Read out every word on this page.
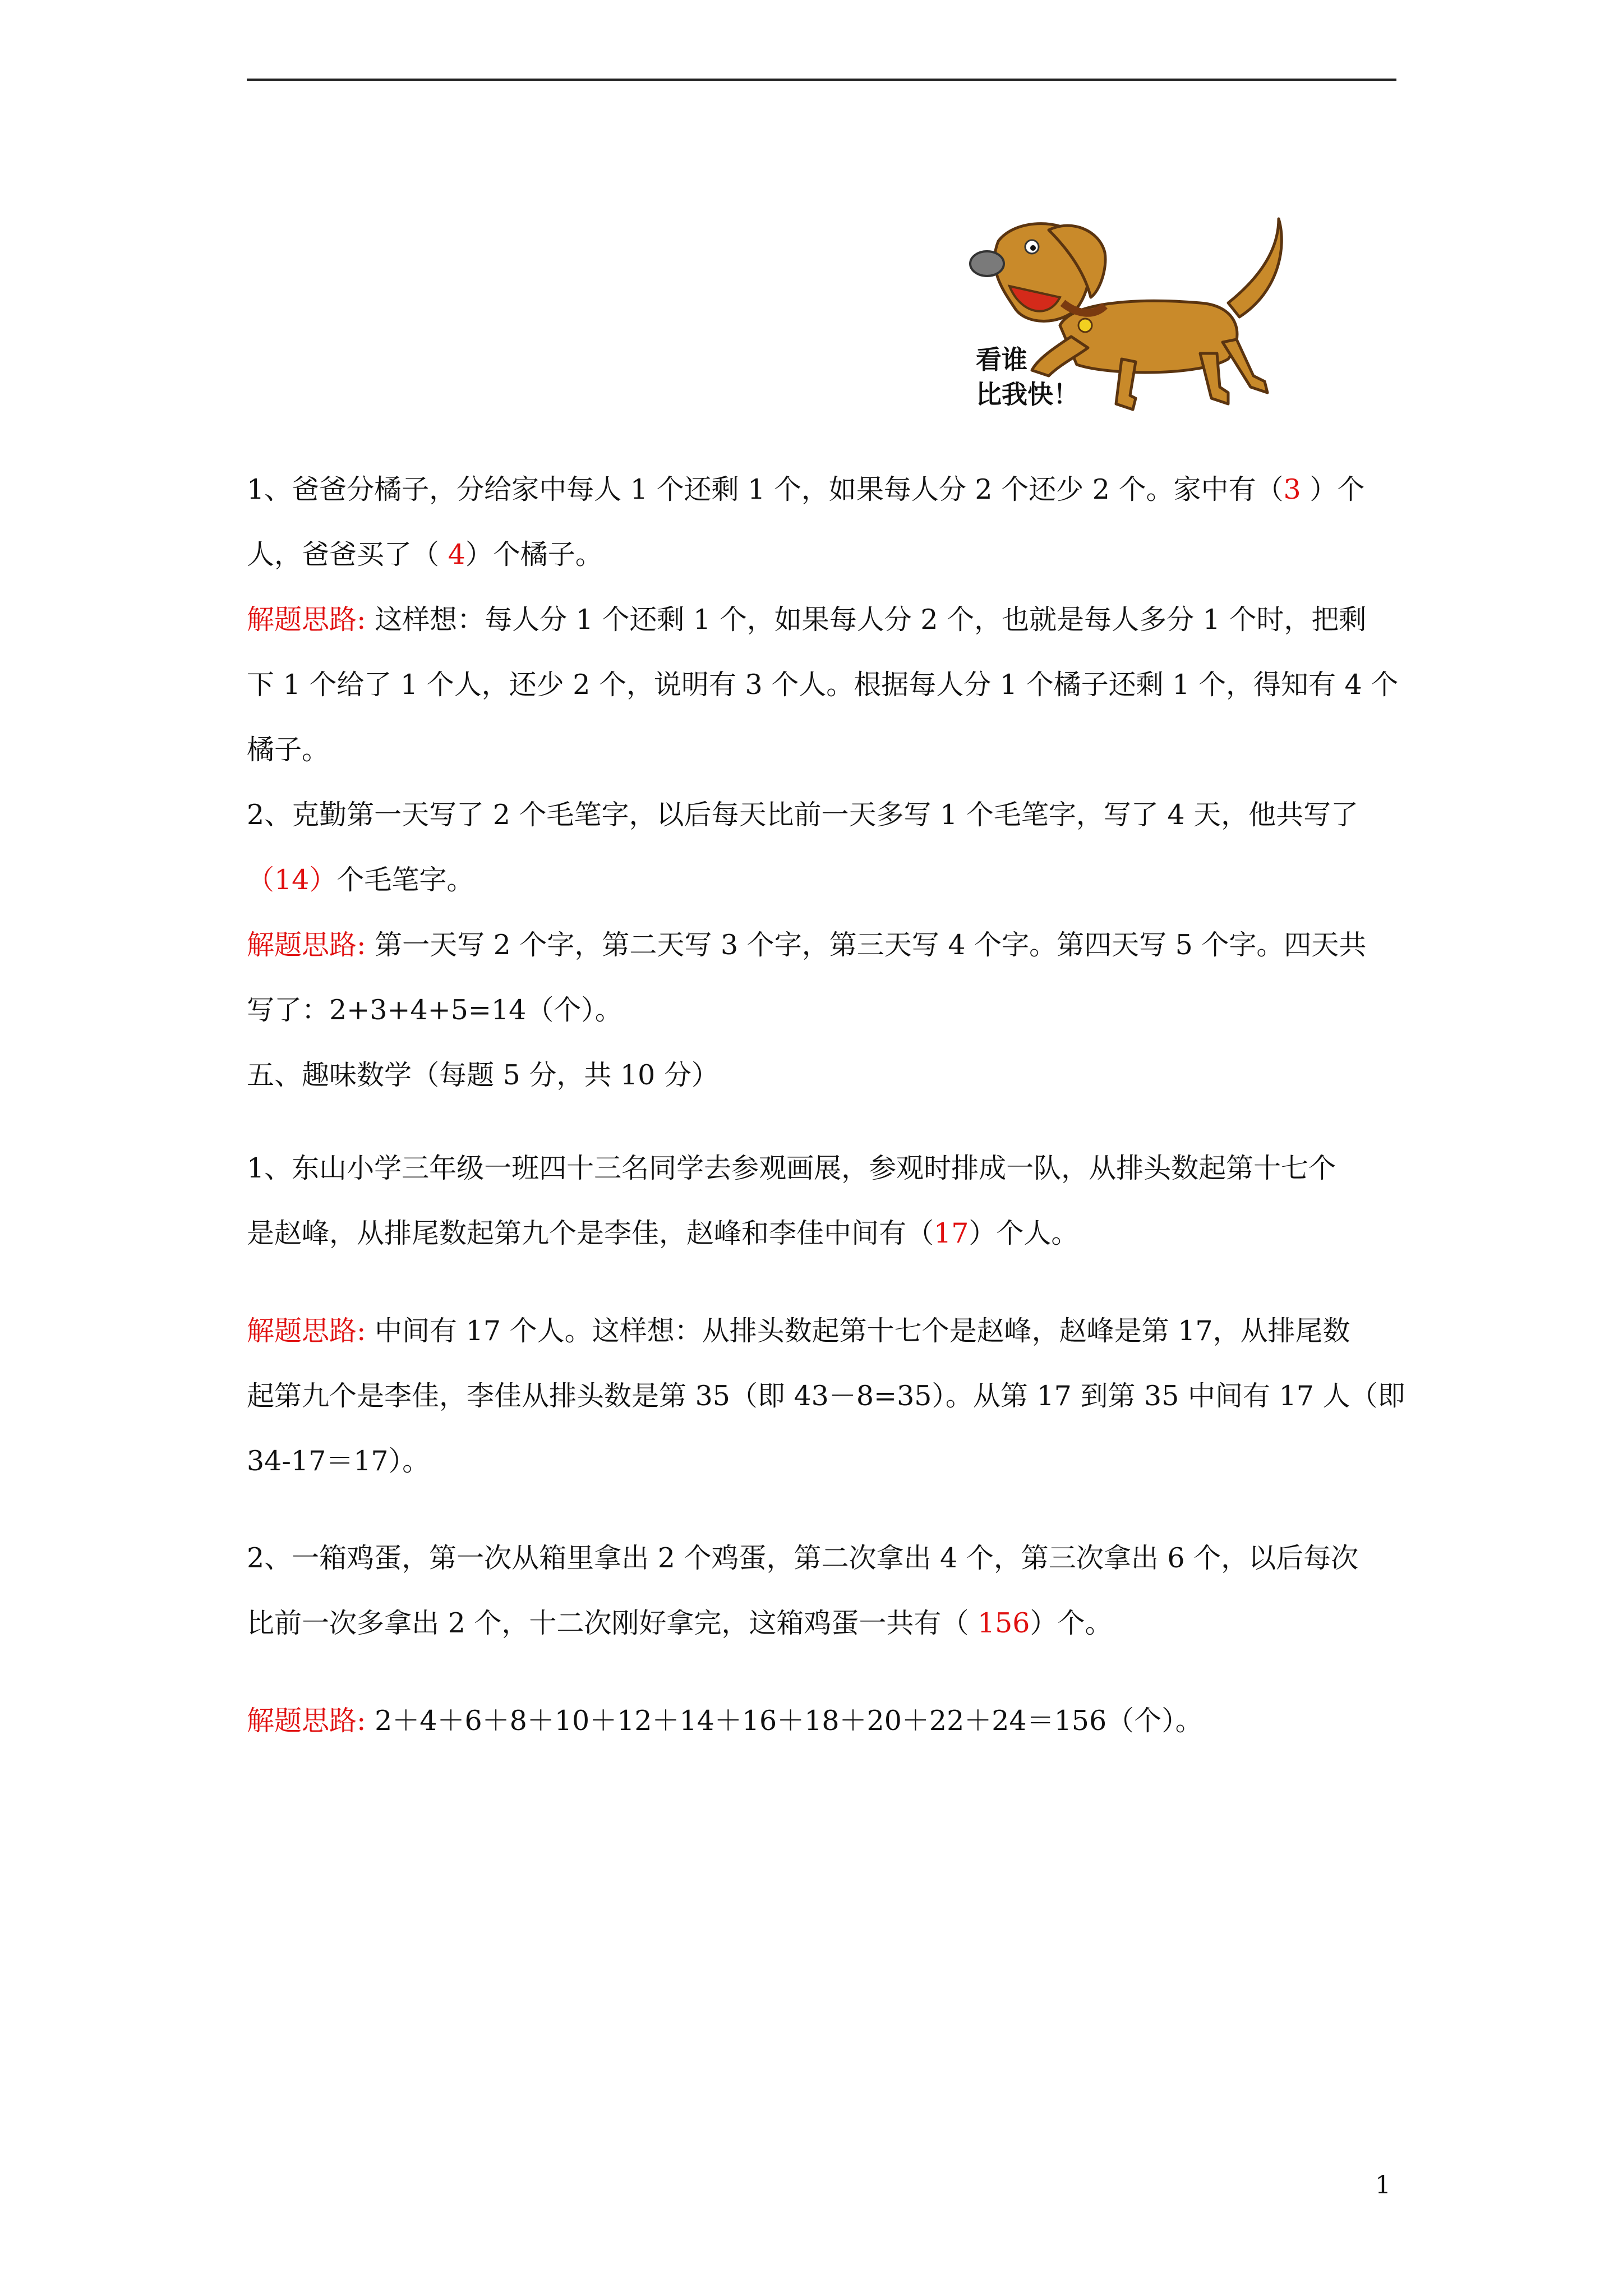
看谁
比我快！

1、爸爸分橘子，分给家中每人 1 个还剩 1 个，如果每人分 2 个还少 2 个。家中有（3 ）个

人，爸爸买了（ 4）个橘子。

解题思路: 这样想：每人分 1 个还剩 1 个，如果每人分 2 个，也就是每人多分 1 个时，把剩

下 1 个给了 1 个人，还少 2 个，说明有 3 个人。根据每人分 1 个橘子还剩 1 个，得知有 4 个

橘子。

2、克勤第一天写了 2 个毛笔字，以后每天比前一天多写 1 个毛笔字，写了 4 天，他共写了

（14）个毛笔字。

解题思路: 第一天写 2 个字，第二天写 3 个字，第三天写 4 个字。第四天写 5 个字。四天共

写了：2+3+4+5=14（个）。

五、趣味数学（每题 5 分，共 10 分）

1、东山小学三年级一班四十三名同学去参观画展，参观时排成一队，从排头数起第十七个

是赵峰，从排尾数起第九个是李佳，赵峰和李佳中间有（17）个人。

解题思路: 中间有 17 个人。这样想：从排头数起第十七个是赵峰，赵峰是第 17，从排尾数

起第九个是李佳，李佳从排头数是第 35（即 43－8=35）。从第 17 到第 35 中间有 17 人（即

34-17＝17）。

2、一箱鸡蛋，第一次从箱里拿出 2 个鸡蛋，第二次拿出 4 个，第三次拿出 6 个，以后每次

比前一次多拿出 2 个，十二次刚好拿完，这箱鸡蛋一共有（ 156）个。

解题思路: 2＋4＋6＋8＋10＋12＋14＋16＋18＋20＋22＋24＝156（个）。

1
